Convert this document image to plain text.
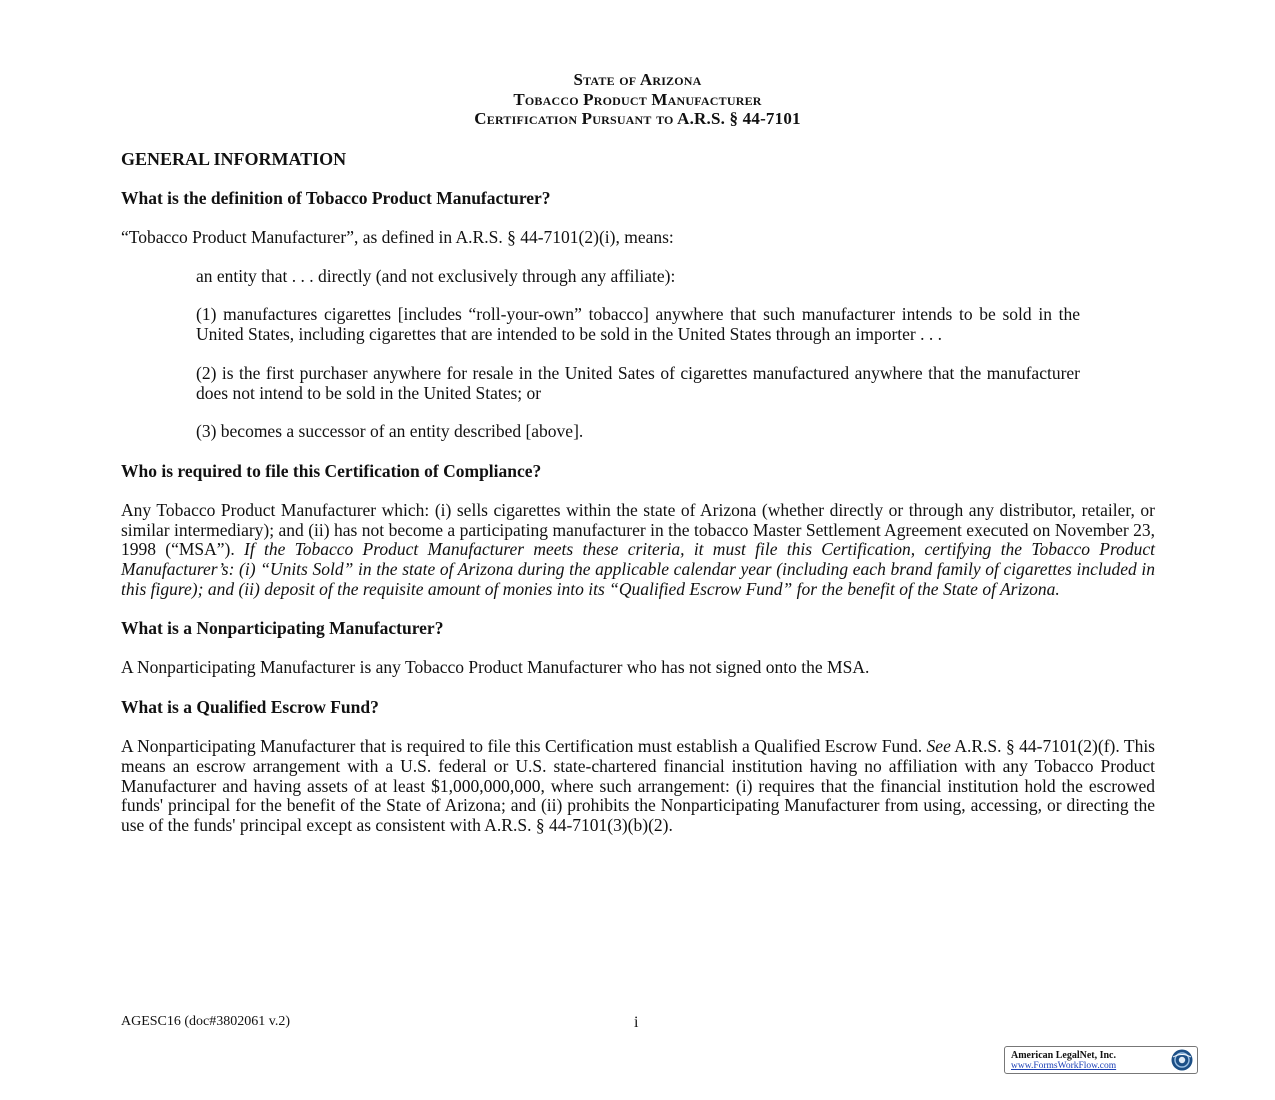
State of Arizona
Tobacco Product Manufacturer
Certification Pursuant to A.R.S. § 44-7101
GENERAL INFORMATION
What is the definition of Tobacco Product Manufacturer?

“Tobacco Product Manufacturer”, as defined in A.R.S. § 44-7101(2)(i), means:

an entity that . . . directly (and not exclusively through any affiliate):

(1) manufactures cigarettes [includes “roll-your-own” tobacco] anywhere that such manufacturer intends to be sold in the United States, including cigarettes that are intended to be sold in the United States through an importer . . .

(2) is the first purchaser anywhere for resale in the United Sates of cigarettes manufactured anywhere that the manufacturer does not intend to be sold in the United States; or

(3) becomes a successor of an entity described [above].

Who is required to file this Certification of Compliance?

Any Tobacco Product Manufacturer which: (i) sells cigarettes within the state of Arizona (whether directly or through any distributor, retailer, or similar intermediary); and (ii) has not become a participating manufacturer in the tobacco Master Settlement Agreement executed on November 23, 1998 (“MSA”). If the Tobacco Product Manufacturer meets these criteria, it must file this Certification, certifying the Tobacco Product Manufacturer’s: (i) “Units Sold” in the state of Arizona during the applicable calendar year (including each brand family of cigarettes included in this figure); and (ii) deposit of the requisite amount of monies into its “Qualified Escrow Fund” for the benefit of the State of Arizona.

What is a Nonparticipating Manufacturer?

A Nonparticipating Manufacturer is any Tobacco Product Manufacturer who has not signed onto the MSA.

What is a Qualified Escrow Fund?

A Nonparticipating Manufacturer that is required to file this Certification must establish a Qualified Escrow Fund. See A.R.S. § 44-7101(2)(f). This means an escrow arrangement with a U.S. federal or U.S. state-chartered financial institution having no affiliation with any Tobacco Product Manufacturer and having assets of at least $1,000,000,000, where such arrangement: (i) requires that the financial institution hold the escrowed funds' principal for the benefit of the State of Arizona; and (ii) prohibits the Nonparticipating Manufacturer from using, accessing, or directing the use of the funds' principal except as consistent with A.R.S. § 44-7101(3)(b)(2).

AGESC16 (doc#3802061 v.2)	i
American LegalNet, Inc.
www.FormsWorkFlow.com
